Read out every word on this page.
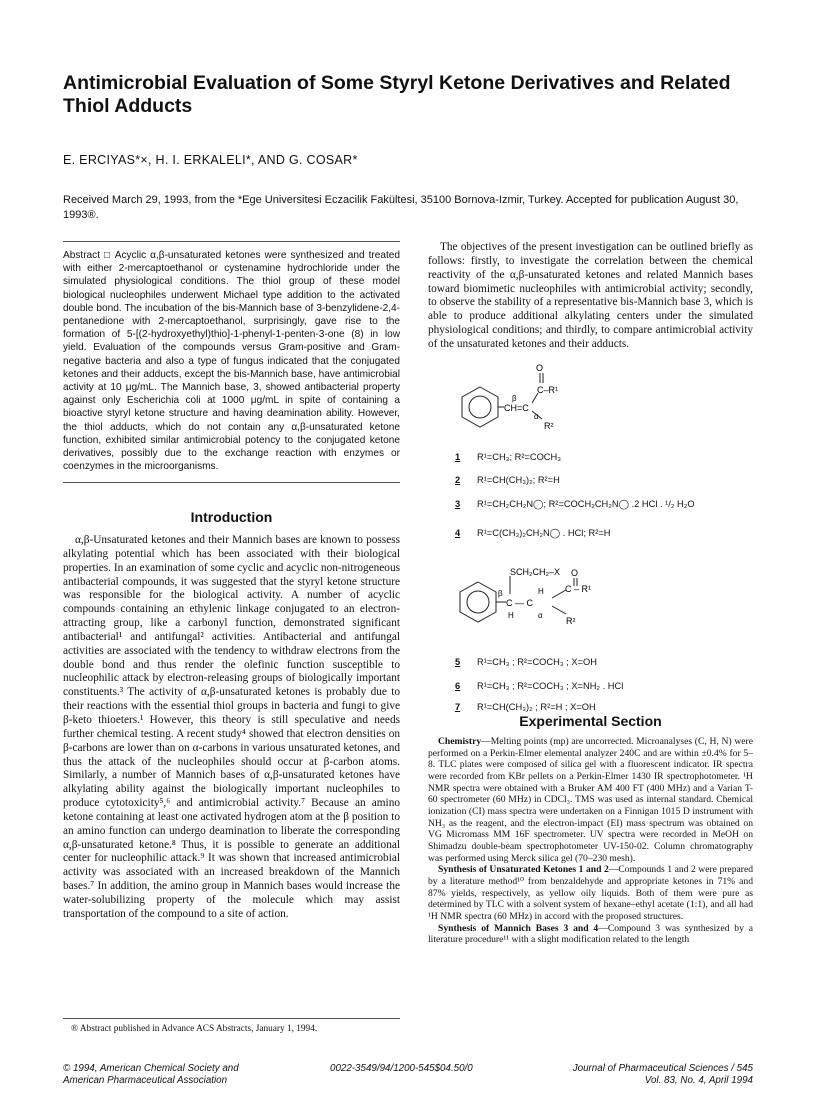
Antimicrobial Evaluation of Some Styryl Ketone Derivatives and Related Thiol Adducts
E. ERCIYAS*×, H. I. ERKALELI*, AND G. COSAR*
Received March 29, 1993, from the *Ege Universitesi Eczacilik Fakültesi, 35100 Bornova-Izmir, Turkey. Accepted for publication August 30, 1993®.
Abstract □ Acyclic α,β-unsaturated ketones were synthesized and treated with either 2-mercaptoethanol or cystenamine hydrochloride under the simulated physiological conditions. The thiol group of these model biological nucleophiles underwent Michael type addition to the activated double bond. The incubation of the bis-Mannich base of 3-benzylidene-2,4-pentanedione with 2-mercaptoethanol, surprisingly, gave rise to the formation of 5-[(2-hydroxyethyl)thio]-1-phenyl-1-penten-3-one (8) in low yield. Evaluation of the compounds versus Gram-positive and Gram-negative bacteria and also a type of fungus indicated that the conjugated ketones and their adducts, except the bis-Mannich base, have antimicrobial activity at 10 μg/mL. The Mannich base, 3, showed antibacterial property against only Escherichia coli at 1000 μg/mL in spite of containing a bioactive styryl ketone structure and having deamination ability. However, the thiol adducts, which do not contain any α,β-unsaturated ketone function, exhibited similar antimicrobial potency to the conjugated ketone derivatives, possibly due to the exchange reaction with enzymes or coenzymes in the microorganisms.
Introduction

α,β-Unsaturated ketones and their Mannich bases are known to possess alkylating potential which has been associated with their biological properties. In an examination of some cyclic and acyclic non-nitrogeneous antibacterial compounds, it was suggested that the styryl ketone structure was responsible for the biological activity. A number of acyclic compounds containing an ethylenic linkage conjugated to an electron-attracting group, like a carbonyl function, demonstrated significant antibacterial¹ and antifungal² activities. Antibacterial and antifungal activities are associated with the tendency to withdraw electrons from the double bond and thus render the olefinic function susceptible to nucleophilic attack by electron-releasing groups of biologically important constituents.³ The activity of α,β-unsaturated ketones is probably due to their reactions with the essential thiol groups in bacteria and fungi to give β-keto thioeters.¹ However, this theory is still speculative and needs further chemical testing. A recent study⁴ showed that electron densities on β-carbons are lower than on α-carbons in various unsaturated ketones, and thus the attack of the nucleophiles should occur at β-carbon atoms. Similarly, a number of Mannich bases of α,β-unsaturated ketones have alkylating ability against the biologically important nucleophiles to produce cytotoxicity⁵,⁶ and antimicrobial activity.⁷ Because an amino ketone containing at least one activated hydrogen atom at the β position to an amino function can undergo deamination to liberate the corresponding α,β-unsaturated ketone.⁸ Thus, it is possible to generate an additional center for nucleophilic attack.⁹ It was shown that increased antimicrobial activity was associated with an increased breakdown of the Mannich bases.⁷ In addition, the amino group in Mannich bases would increase the water-solubilizing property of the molecule which may assist transportation of the compound to a site of action.

® Abstract published in Advance ACS Abstracts, January 1, 1994.

The objectives of the present investigation can be outlined briefly as follows: firstly, to investigate the correlation between the chemical reactivity of the α,β-unsaturated ketones and related Mannich bases toward biomimetic nucleophiles with antimicrobial activity; secondly, to observe the stability of a representative bis-Mannich base 3, which is able to produce additional alkylating centers under the simulated physiological conditions; and thirdly, to compare antimicrobial activity of the unsaturated ketones and their adducts.

O
C–R¹
β
CH=C
α
R²
1 R¹=CH₃; R²=COCH₃
2 R¹=CH(CH₃)₂; R²=H
3 R¹=CH₂CH₂N◯; R²=COCH₂CH₂N◯ .2 HCl . ¹/₂ H₂O
4 R¹=C(CH₃)₂CH₂N◯ . HCl; R²=H
SCH₂CH₂–X O
C – R¹
β	H
C — C
H	α
R²
5 R¹=CH₃ ; R²=COCH₃ ; X=OH
6 R¹=CH₃ ; R²=COCH₃ ; X=NH₂ . HCl
7 R¹=CH(CH₃)₂ ; R²=H ; X=OH
Experimental Section

Chemistry—Melting points (mp) are uncorrected. Microanalyses (C, H, N) were performed on a Perkin-Elmer elemental analyzer 240C and are within ±0.4% for 5–8. TLC plates were composed of silica gel with a fluorescent indicator. IR spectra were recorded from KBr pellets on a Perkin-Elmer 1430 IR spectrophotometer. ¹H NMR spectra were obtained with a Bruker AM 400 FT (400 MHz) and a Varian T-60 spectrometer (60 MHz) in CDCl₃. TMS was used as internal standard. Chemical ionization (CI) mass spectra were undertaken on a Finnigan 1015 D instrument with NH₃ as the reagent, and the electron-impact (EI) mass spectrum was obtained on VG Micromass MM 16F spectrometer. UV spectra were recorded in MeOH on Shimadzu double-beam spectrophotometer UV-150-02. Column chromatography was performed using Merck silica gel (70–230 mesh).

Synthesis of Unsaturated Ketones 1 and 2—Compounds 1 and 2 were prepared by a literature method¹⁰ from benzaldehyde and appropriate ketones in 71% and 87% yields, respectively, as yellow oily liquids. Both of them were pure as determined by TLC with a solvent system of hexane–ethyl acetate (1:1), and all had ¹H NMR spectra (60 MHz) in accord with the proposed structures.

Synthesis of Mannich Bases 3 and 4—Compound 3 was synthesized by a literature procedure¹¹ with a slight modification related to the length

© 1994, American Chemical Society and
American Pharmaceutical Association
0022-3549/94/1200-545$04.50/0	Journal of Pharmaceutical Sciences / 545
Vol. 83, No. 4, April 1994
